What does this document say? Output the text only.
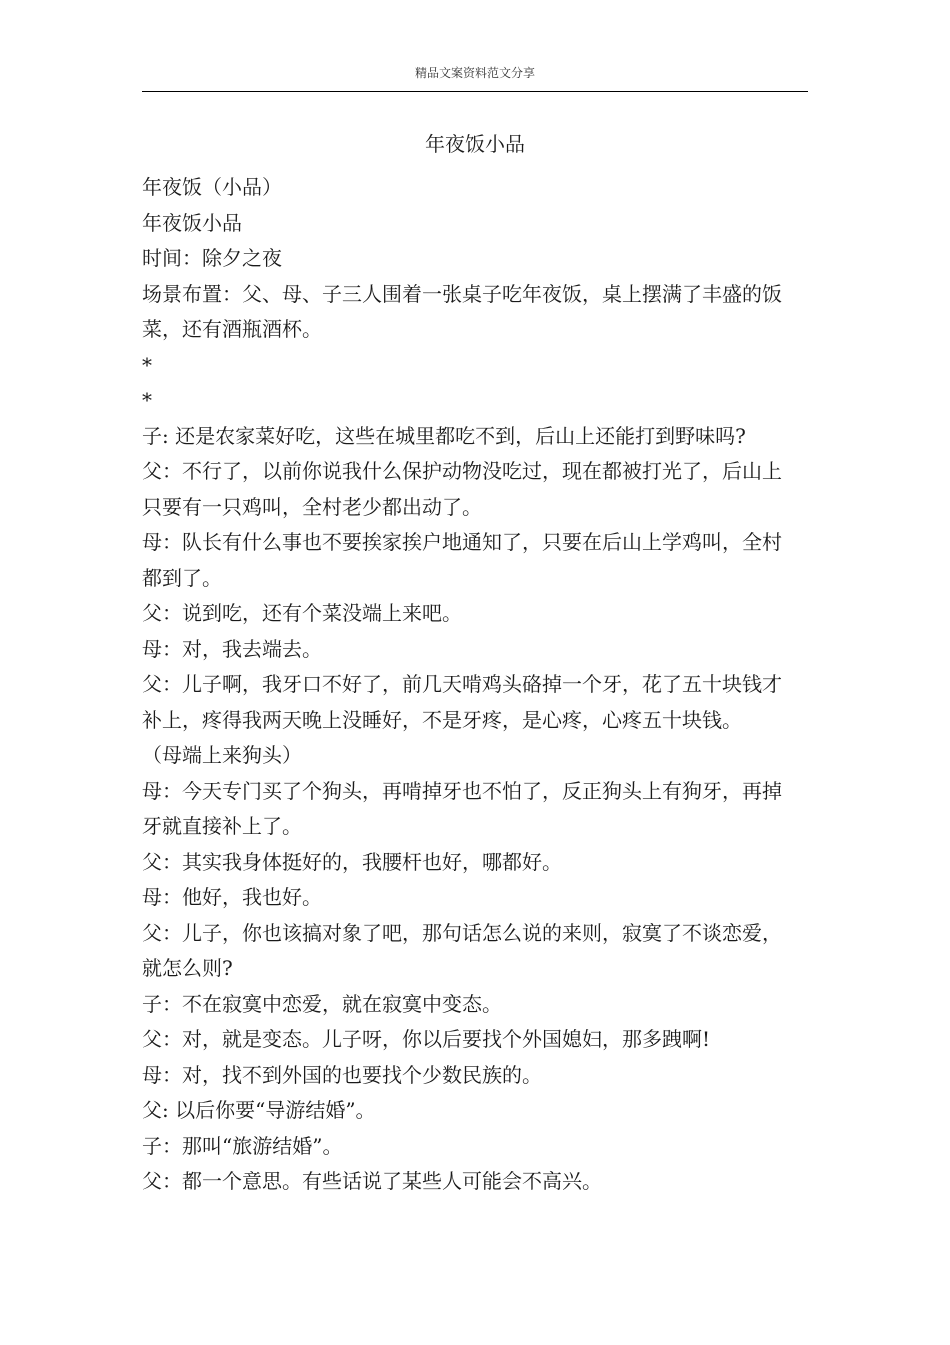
精品文案资料范文分享
年夜饭小品

年夜饭（小品）

年夜饭小品

时间：除夕之夜

场景布置：父、母、子三人围着一张桌子吃年夜饭，桌上摆满了丰盛的饭菜，还有酒瓶酒杯。

*

*

子: 还是农家菜好吃，这些在城里都吃不到，后山上还能打到野味吗?

父：不行了，以前你说我什么保护动物没吃过，现在都被打光了，后山上只要有一只鸡叫，全村老少都出动了。

母：队长有什么事也不要挨家挨户地通知了，只要在后山上学鸡叫，全村都到了。

父：说到吃，还有个菜没端上来吧。

母：对，我去端去。

父：儿子啊，我牙口不好了，前几天啃鸡头硌掉一个牙，花了五十块钱才补上，疼得我两天晚上没睡好，不是牙疼，是心疼，心疼五十块钱。

（母端上来狗头）

母：今天专门买了个狗头，再啃掉牙也不怕了，反正狗头上有狗牙，再掉牙就直接补上了。

父：其实我身体挺好的，我腰杆也好，哪都好。

母：他好，我也好。

父：儿子，你也该搞对象了吧，那句话怎么说的来则，寂寞了不谈恋爱，就怎么则?

子：不在寂寞中恋爱，就在寂寞中变态。

父：对，就是变态。儿子呀，你以后要找个外国媳妇，那多跩啊!

母：对，找不到外国的也要找个少数民族的。

父: 以后你要“导游结婚”。

子：那叫“旅游结婚”。

父：都一个意思。有些话说了某些人可能会不高兴。
